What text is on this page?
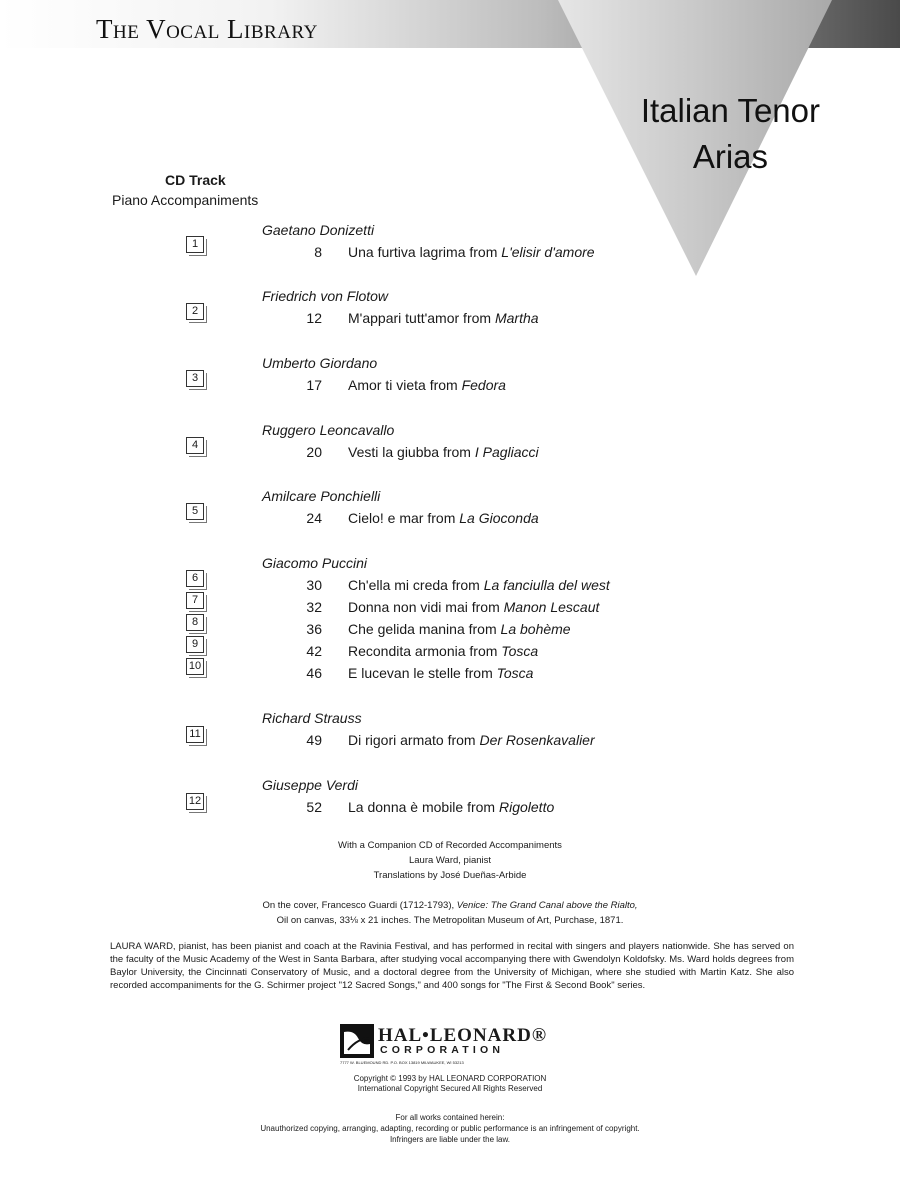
The Vocal Library
Italian Tenor
Arias
CD Track
Piano Accompaniments
Gaetano Donizetti
1	8 Una furtiva lagrima from L'elisir d'amore
Friedrich von Flotow
2	12 M'appari tutt'amor from Martha
Umberto Giordano
3	17 Amor ti vieta from Fedora
Ruggero Leoncavallo
4	20 Vesti la giubba from I Pagliacci
Amilcare Ponchielli
5	24 Cielo! e mar from La Gioconda
Giacomo Puccini
6	30 Ch'ella mi creda from La fanciulla del west
7	32 Donna non vidi mai from Manon Lescaut
8	36 Che gelida manina from La bohème
9	42 Recondita armonia from Tosca
10	46 E lucevan le stelle from Tosca
Richard Strauss
11	49 Di rigori armato from Der Rosenkavalier
Giuseppe Verdi
12	52 La donna è mobile from Rigoletto
With a Companion CD of Recorded Accompaniments
Laura Ward, pianist
Translations by José Dueñas-Arbide
On the cover, Francesco Guardi (1712-1793), Venice: The Grand Canal above the Rialto,
Oil on canvas, 33⅛ x 21 inches. The Metropolitan Museum of Art, Purchase, 1871.
LAURA WARD, pianist, has been pianist and coach at the Ravinia Festival, and has performed in recital with singers and players nationwide. She has served on the faculty of the Music Academy of the West in Santa Barbara, after studying vocal accompanying there with Gwendolyn Koldofsky. Ms. Ward holds degrees from Baylor University, the Cincinnati Conservatory of Music, and a doctoral degree from the University of Michigan, where she studied with Martin Katz. She also recorded accompaniments for the G. Schirmer project "12 Sacred Songs," and 400 songs for "The First & Second Book" series.
HAL•LEONARD®
CORPORATION
7777 W. BLUEMOUND RD. P.O. BOX 13819 MILWAUKEE, WI 53213
Copyright © 1993 by HAL LEONARD CORPORATION
International Copyright Secured All Rights Reserved
For all works contained herein:
Unauthorized copying, arranging, adapting, recording or public performance is an infringement of copyright.
Infringers are liable under the law.
